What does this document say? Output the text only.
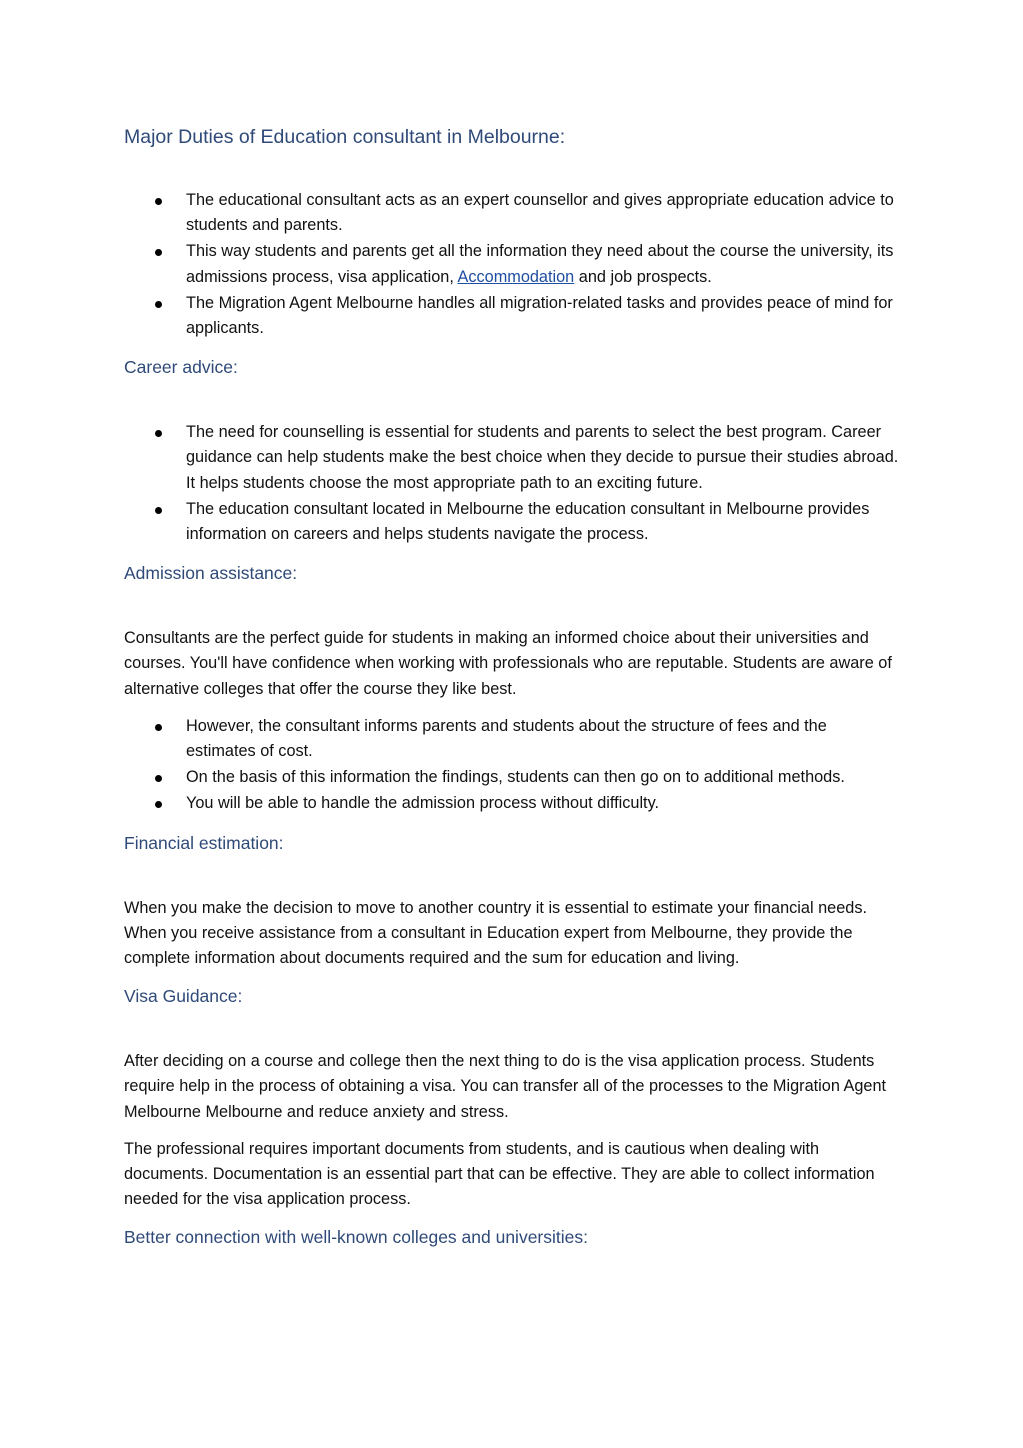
Major Duties of Education consultant in Melbourne:
The educational consultant acts as an expert counsellor and gives appropriate education advice to students and parents.
This way students and parents get all the information they need about the course the university, its admissions process, visa application, Accommodation and job prospects.
The Migration Agent Melbourne handles all migration-related tasks and provides peace of mind for applicants.
Career advice:
The need for counselling is essential for students and parents to select the best program. Career guidance can help students make the best choice when they decide to pursue their studies abroad. It helps students choose the most appropriate path to an exciting future.
The education consultant located in Melbourne the education consultant in Melbourne provides information on careers and helps students navigate the process.
Admission assistance:

Consultants are the perfect guide for students in making an informed choice about their universities and courses. You'll have confidence when working with professionals who are reputable. Students are aware of alternative colleges that offer the course they like best.

However, the consultant informs parents and students about the structure of fees and the estimates of cost.
On the basis of this information the findings, students can then go on to additional methods.
You will be able to handle the admission process without difficulty.
Financial estimation:

When you make the decision to move to another country it is essential to estimate your financial needs. When you receive assistance from a consultant in Education expert from Melbourne, they provide the complete information about documents required and the sum for education and living.

Visa Guidance:

After deciding on a course and college then the next thing to do is the visa application process. Students require help in the process of obtaining a visa. You can transfer all of the processes to the Migration Agent Melbourne Melbourne and reduce anxiety and stress.

The professional requires important documents from students, and is cautious when dealing with documents. Documentation is an essential part that can be effective. They are able to collect information needed for the visa application process.

Better connection with well-known colleges and universities:
